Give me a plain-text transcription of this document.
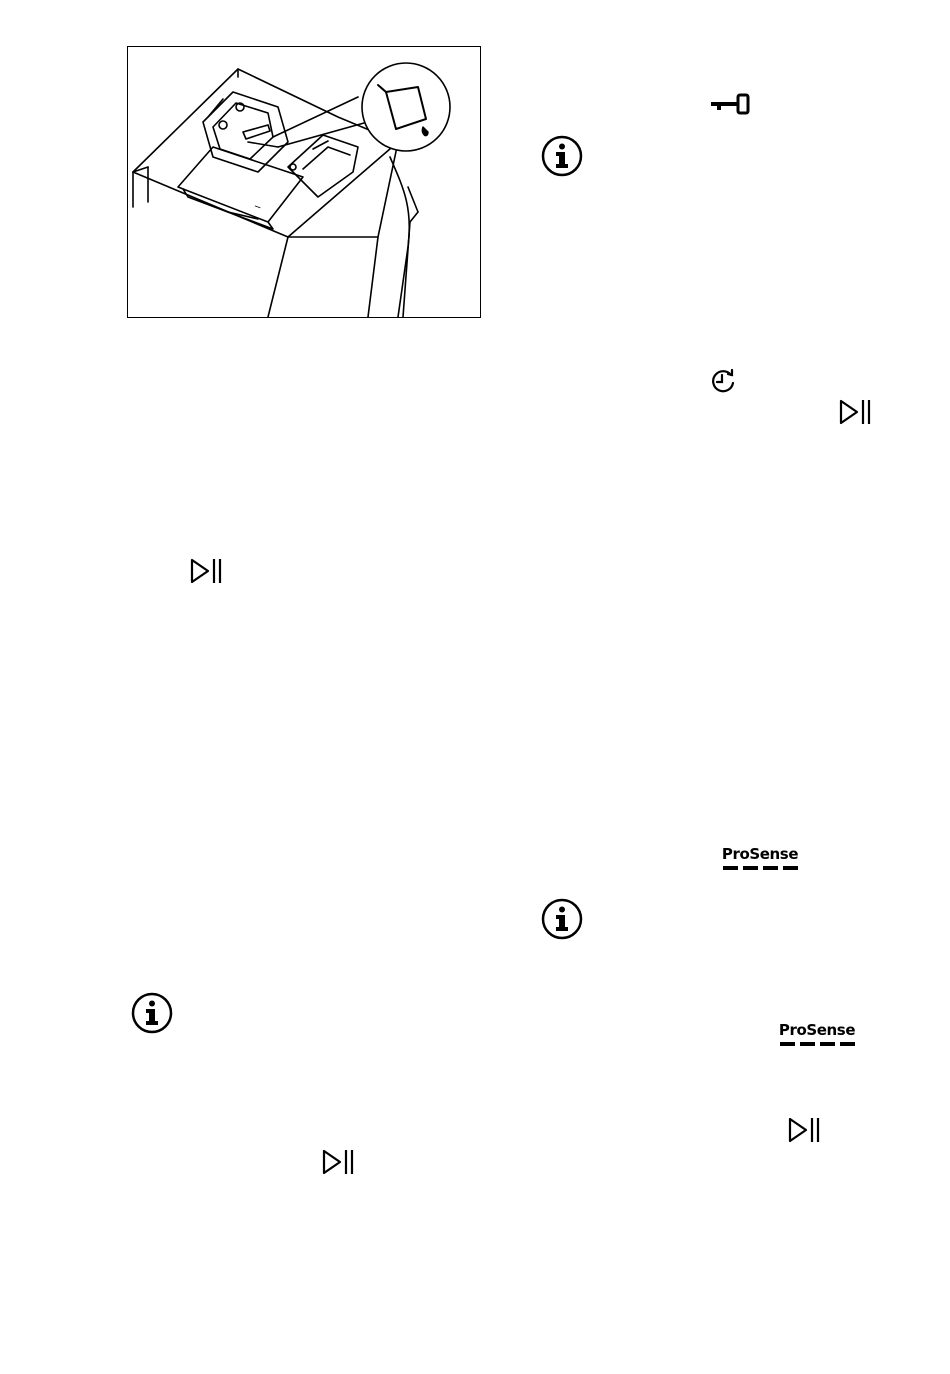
I
ProSense
ProSense
